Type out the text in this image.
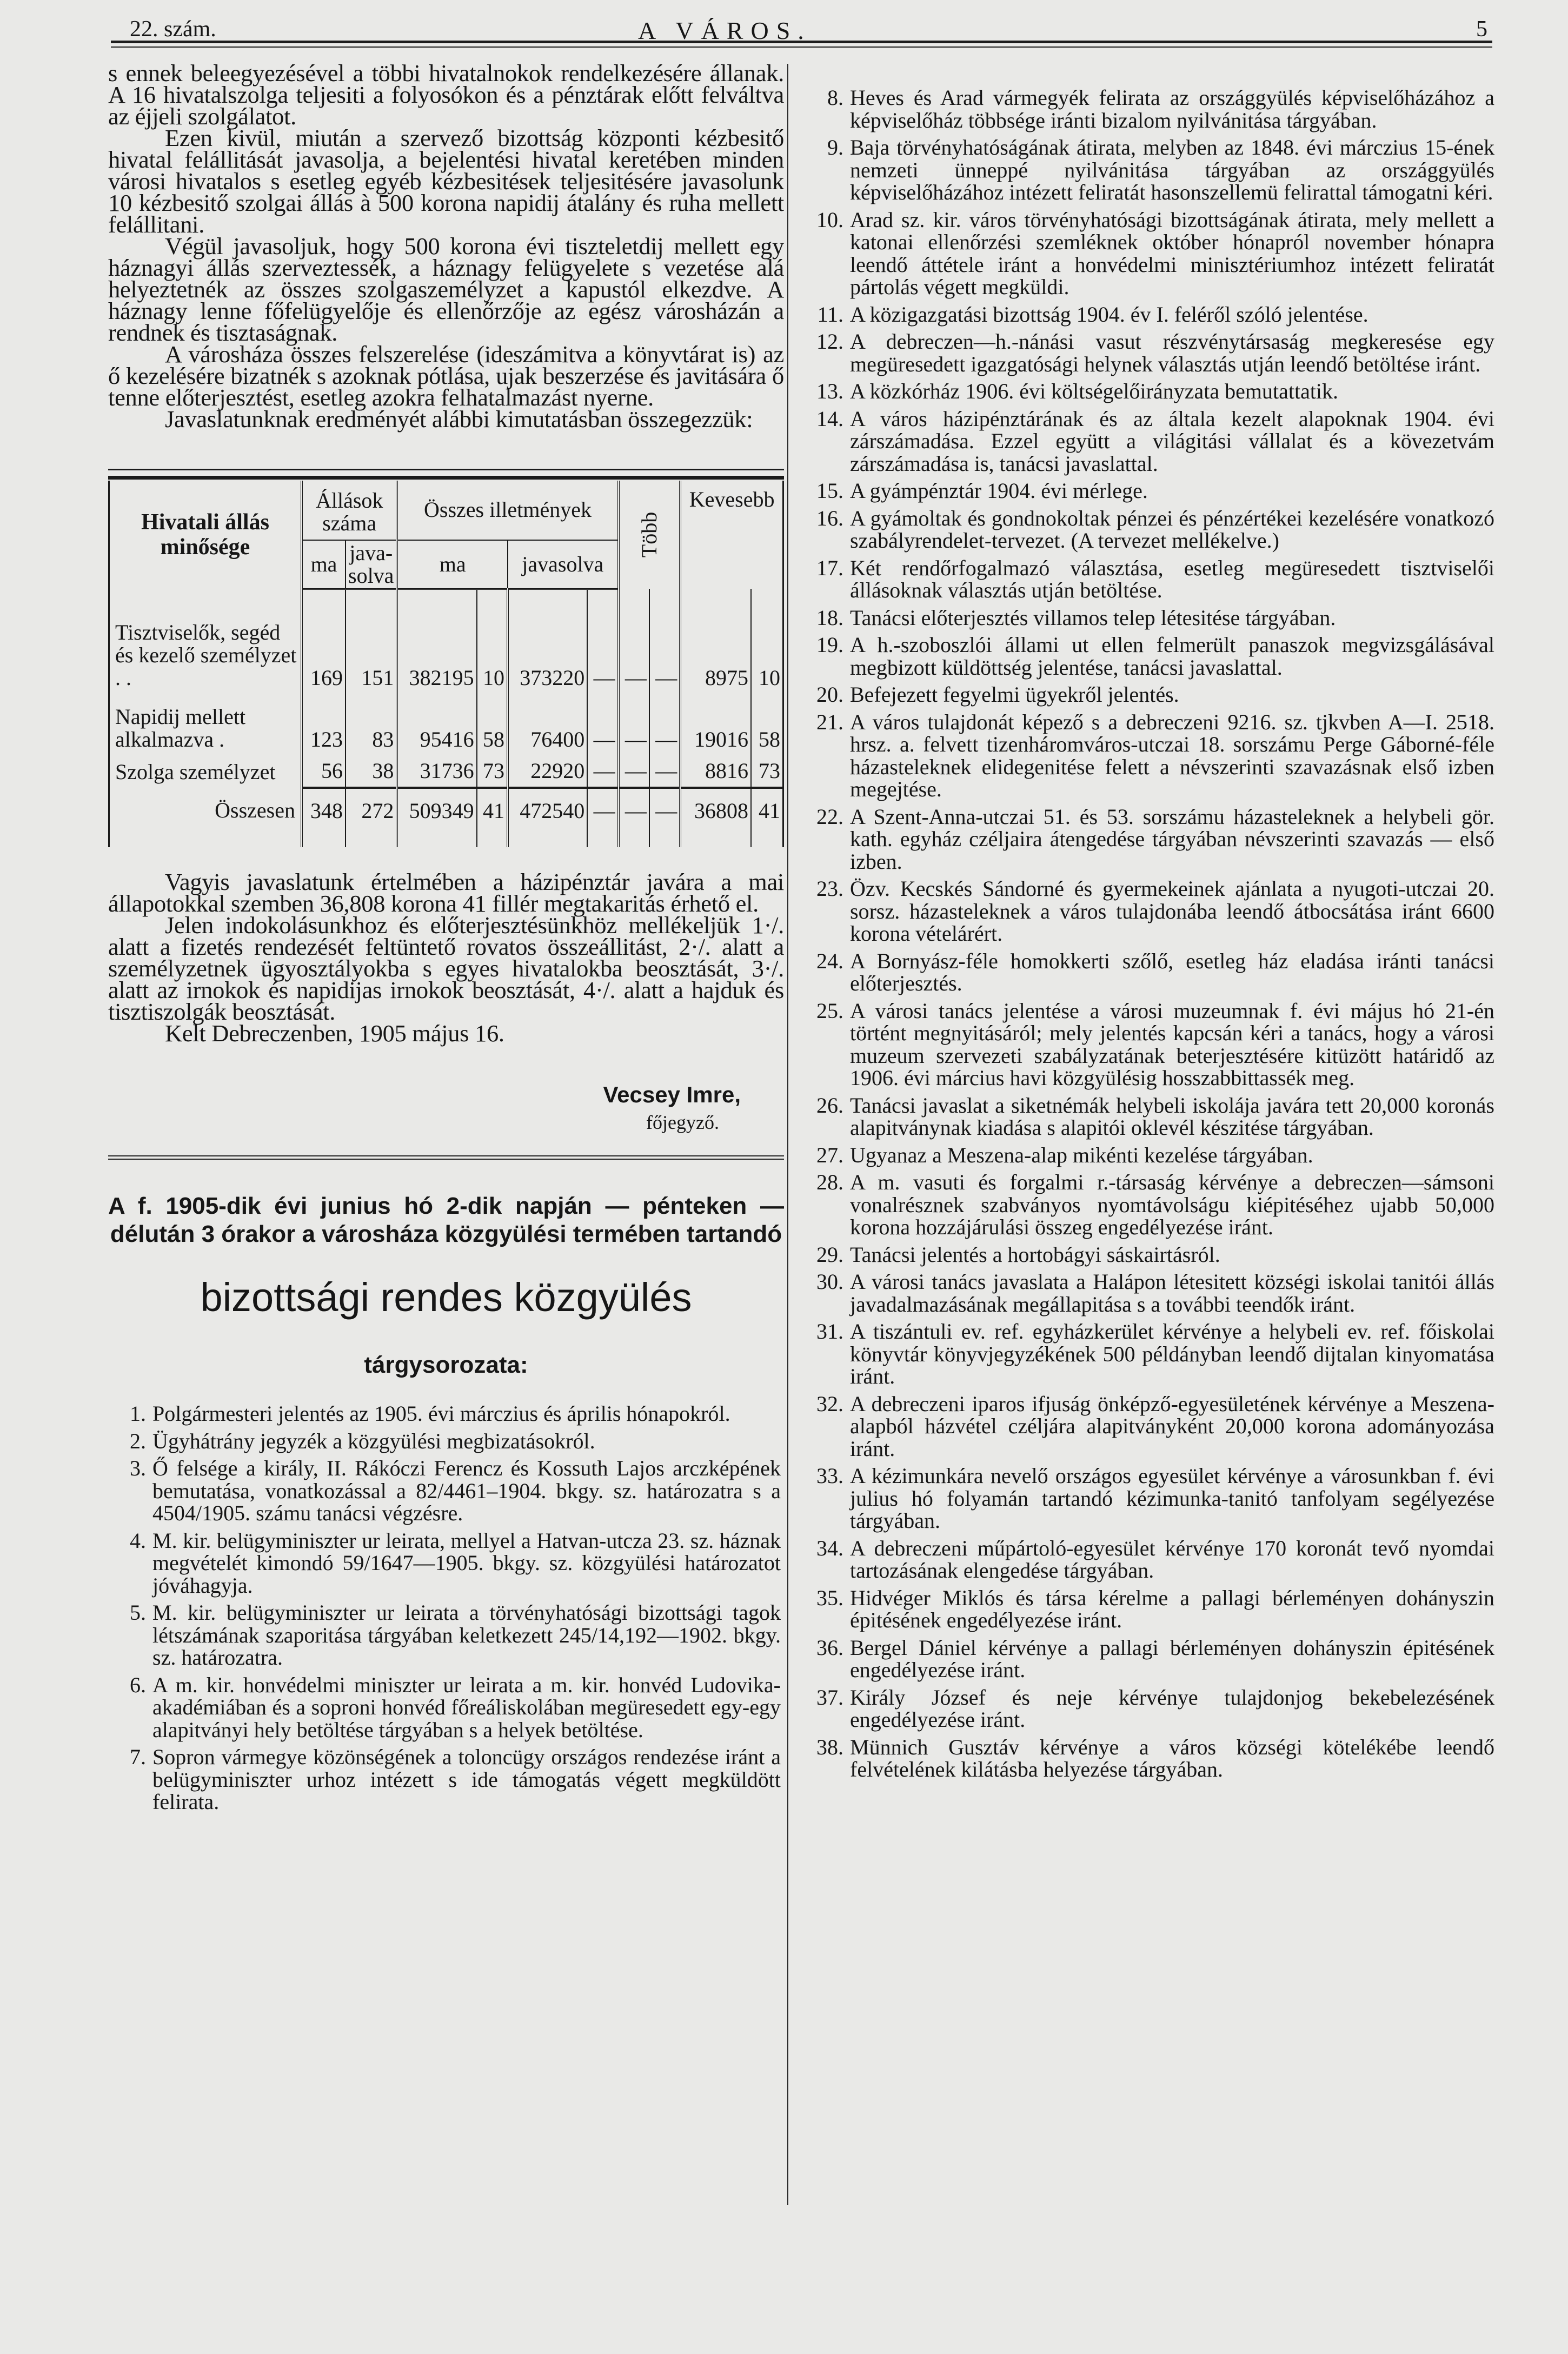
22. szám.	A VÁROS.	5

s ennek beleegyezésével a többi hivatalnokok rendelkezésére állanak. A 16 hivatalszolga teljesiti a folyosókon és a pénztárak előtt felváltva az éjjeli szolgálatot.

Ezen kivül, miután a szervező bizottság központi kézbesitő hivatal felállitását javasolja, a bejelentési hivatal keretében minden városi hivatalos s esetleg egyéb kézbesitések teljesitésére javasolunk 10 kézbesitő szolgai állás à 500 korona napidij átalány és ruha mellett felállitani.

Végül javasoljuk, hogy 500 korona évi tiszteletdij mellett egy háznagyi állás szerveztessék, a háznagy felügyelete s vezetése alá helyeztetnék az összes szolgaszemélyzet a kapustól elkezdve. A háznagy lenne főfelügyelője és ellenőrzője az egész városházán a rendnek és tisztaságnak.

A városháza összes felszerelése (ideszámitva a könyvtárat is) az ő kezelésére bizatnék s azoknak pótlása, ujak beszerzése és javitására ő tenne előterjesztést, esetleg azokra felhatalmazást nyerne.

Javaslatunknak eredményét alábbi kimutatásban összegezzük:

Hivatali állás minősége	Állások száma		Összes illetmények				Több		Kevesebb	
	ma	java-solva	ma		javasolva					
Tisztviselők, segéd és kezelő személyzet . .	169	151	382195	10	373220	—	—	—	8975	10
Napidij mellett alkalmazva .	123	83	95416	58	76400	—	—	—	19016	58
Szolga személyzet	56	38	31736	73	22920	—	—	—	8816	73
Összesen	348	272	509349	41	472540	—	—	—	36808	41

Vagyis javaslatunk értelmében a házipénztár javára a mai állapotokkal szemben 36,808 korona 41 fillér megtakaritás érhető el.

Jelen indokolásunkhoz és előterjesztésünkhöz mellékeljük 1·/. alatt a fizetés rendezését feltüntető rovatos összeállitást, 2·/. alatt a személyzetnek ügyosztályokba s egyes hivatalokba beosztását, 3·/. alatt az irnokok és napidijas irnokok beosztását, 4·/. alatt a hajduk és tisztiszolgák beosztását.

Kelt Debreczenben, 1905 május 16.

Vecsey Imre,
főjegyző.
A f. 1905-dik évi junius hó 2-dik napján — pénteken — délután 3 órakor a városháza közgyülési termében tartandó
bizottsági rendes közgyülés
tárgysorozata:
1. Polgármesteri jelentés az 1905. évi márczius és április hónapokról.
2. Ügyhátrány jegyzék a közgyülési megbizatásokról.
3. Ő felsége a király, II. Rákóczi Ferencz és Kossuth Lajos arczképének bemutatása, vonatkozással a 82/4461–1904. bkgy. sz. határozatra s a 4504/1905. számu tanácsi végzésre.
4. M. kir. belügyminiszter ur leirata, mellyel a Hatvan-utcza 23. sz. háznak megvételét kimondó 59/1647—1905. bkgy. sz. közgyülési határozatot jóváhagyja.
5. M. kir. belügyminiszter ur leirata a törvényhatósági bizottsági tagok létszámának szaporitása tárgyában keletkezett 245/14,192—1902. bkgy. sz. határozatra.
6. A m. kir. honvédelmi miniszter ur leirata a m. kir. honvéd Ludovika-akadémiában és a soproni honvéd főreáliskolában megüresedett egy-egy alapitványi hely betöltése tárgyában s a helyek betöltése.
7. Sopron vármegye közönségének a toloncügy országos rendezése iránt a belügyminiszter urhoz intézett s ide támogatás végett megküldött felirata.
8. Heves és Arad vármegyék felirata az országgyülés képviselőházához a képviselőház többsége iránti bizalom nyilvánitása tárgyában.
9. Baja törvényhatóságának átirata, melyben az 1848. évi márczius 15-ének nemzeti ünneppé nyilvánitása tárgyában az országgyülés képviselőházához intézett feliratát hasonszellemü felirattal támogatni kéri.
10. Arad sz. kir. város törvényhatósági bizottságának átirata, mely mellett a katonai ellenőrzési szemléknek október hónapról november hónapra leendő áttétele iránt a honvédelmi minisztériumhoz intézett feliratát pártolás végett megküldi.
11. A közigazgatási bizottság 1904. év I. feléről szóló jelentése.
12. A debreczen—h.-nánási vasut részvénytársaság megkeresése egy megüresedett igazgatósági helynek választás utján leendő betöltése iránt.
13. A közkórház 1906. évi költségelőirányzata bemutattatik.
14. A város házipénztárának és az általa kezelt alapoknak 1904. évi zárszámadása. Ezzel együtt a világitási vállalat és a kövezetvám zárszámadása is, tanácsi javaslattal.
15. A gyámpénztár 1904. évi mérlege.
16. A gyámoltak és gondnokoltak pénzei és pénzértékei kezelésére vonatkozó szabályrendelet-tervezet. (A tervezet mellékelve.)
17. Két rendőrfogalmazó választása, esetleg megüresedett tisztviselői állásoknak választás utján betöltése.
18. Tanácsi előterjesztés villamos telep létesitése tárgyában.
19. A h.-szoboszlói állami ut ellen felmerült panaszok megvizsgálásával megbizott küldöttség jelentése, tanácsi javaslattal.
20. Befejezett fegyelmi ügyekről jelentés.
21. A város tulajdonát képező s a debreczeni 9216. sz. tjkvben A—I. 2518. hrsz. a. felvett tizenháromváros-utczai 18. sorszámu Perge Gáborné-féle házasteleknek elidegenitése felett a névszerinti szavazásnak első izben megejtése.
22. A Szent-Anna-utczai 51. és 53. sorszámu házasteleknek a helybeli gör. kath. egyház czéljaira átengedése tárgyában névszerinti szavazás — első izben.
23. Özv. Kecskés Sándorné és gyermekeinek ajánlata a nyugoti-utczai 20. sorsz. házasteleknek a város tulajdonába leendő átbocsátása iránt 6600 korona vételárért.
24. A Bornyász-féle homokkerti szőlő, esetleg ház eladása iránti tanácsi előterjesztés.
25. A városi tanács jelentése a városi muzeumnak f. évi május hó 21-én történt megnyitásáról; mely jelentés kapcsán kéri a tanács, hogy a városi muzeum szervezeti szabályzatának beterjesztésére kitüzött határidő az 1906. évi március havi közgyülésig hosszabbittassék meg.
26. Tanácsi javaslat a siketnémák helybeli iskolája javára tett 20,000 koronás alapitványnak kiadása s alapitói oklevél készitése tárgyában.
27. Ugyanaz a Meszena-alap mikénti kezelése tárgyában.
28. A m. vasuti és forgalmi r.-társaság kérvénye a debreczen—sámsoni vonalrésznek szabványos nyomtávolságu kiépitéséhez ujabb 50,000 korona hozzájárulási összeg engedélyezése iránt.
29. Tanácsi jelentés a hortobágyi sáskairtásról.
30. A városi tanács javaslata a Halápon létesitett községi iskolai tanitói állás javadalmazásának megállapitása s a további teendők iránt.
31. A tiszántuli ev. ref. egyházkerület kérvénye a helybeli ev. ref. főiskolai könyvtár könyvjegyzékének 500 példányban leendő dijtalan kinyomatása iránt.
32. A debreczeni iparos ifjuság önképző-egyesületének kérvénye a Meszena-alapból házvétel czéljára alapitványként 20,000 korona adományozása iránt.
33. A kézimunkára nevelő országos egyesület kérvénye a városunkban f. évi julius hó folyamán tartandó kézimunka-tanitó tanfolyam segélyezése tárgyában.
34. A debreczeni műpártoló-egyesület kérvénye 170 koronát tevő nyomdai tartozásának elengedése tárgyában.
35. Hidvéger Miklós és társa kérelme a pallagi bérleményen dohányszin épitésének engedélyezése iránt.
36. Bergel Dániel kérvénye a pallagi bérleményen dohányszin épitésének engedélyezése iránt.
37. Király József és neje kérvénye tulajdonjog bekebelezésének engedélyezése iránt.
38. Münnich Gusztáv kérvénye a város községi kötelékébe leendő felvételének kilátásba helyezése tárgyában.
